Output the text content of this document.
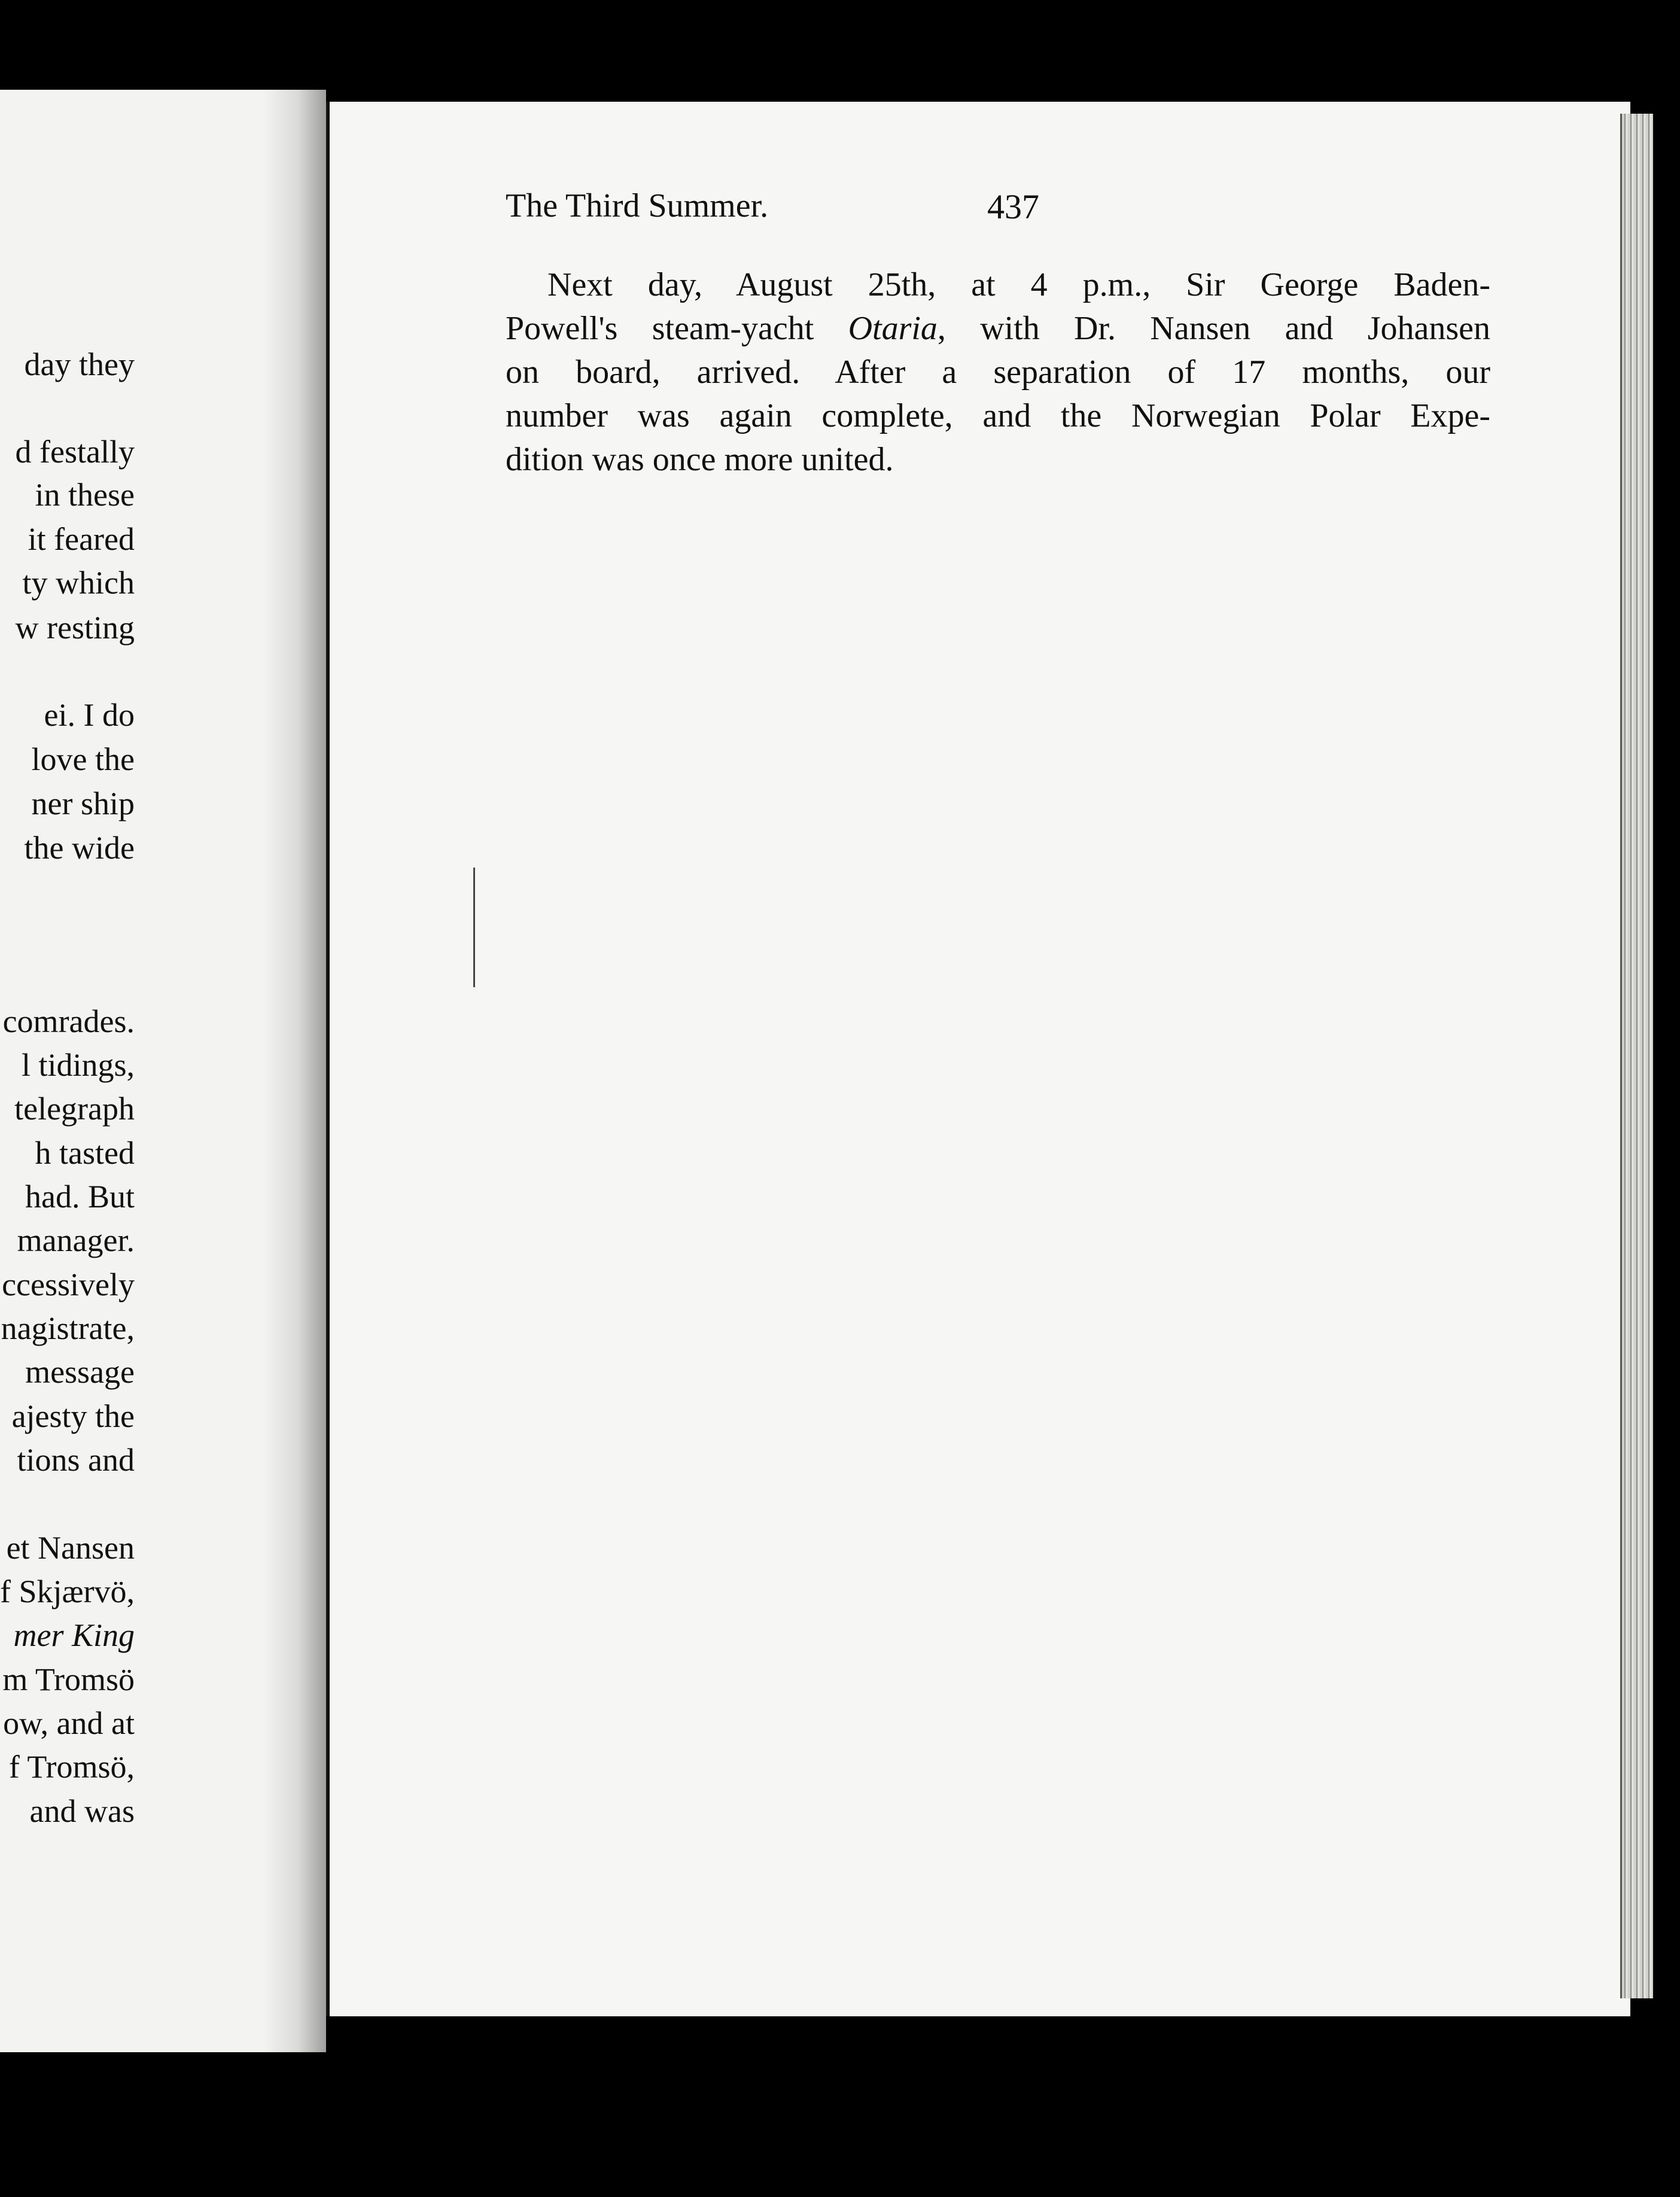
day they
d festally
in these
it feared
ty which
w resting
ei. I do
love the
ner ship
the wide
comrades.
l tidings,
telegraph
h tasted
had. But
manager.
ccessively
nagistrate,
message
ajesty the
tions and
et Nansen
f Skjærvö,
mer King
m Tromsö
ow, and at
f Tromsö,
and was
The Third Summer.	437
Next day, August 25th, at 4 p.m., Sir George Baden-
Powell's steam-yacht Otaria, with Dr. Nansen and Johansen
on board, arrived. After a separation of 17 months, our
number was again complete, and the Norwegian Polar Expe-
dition was once more united.
